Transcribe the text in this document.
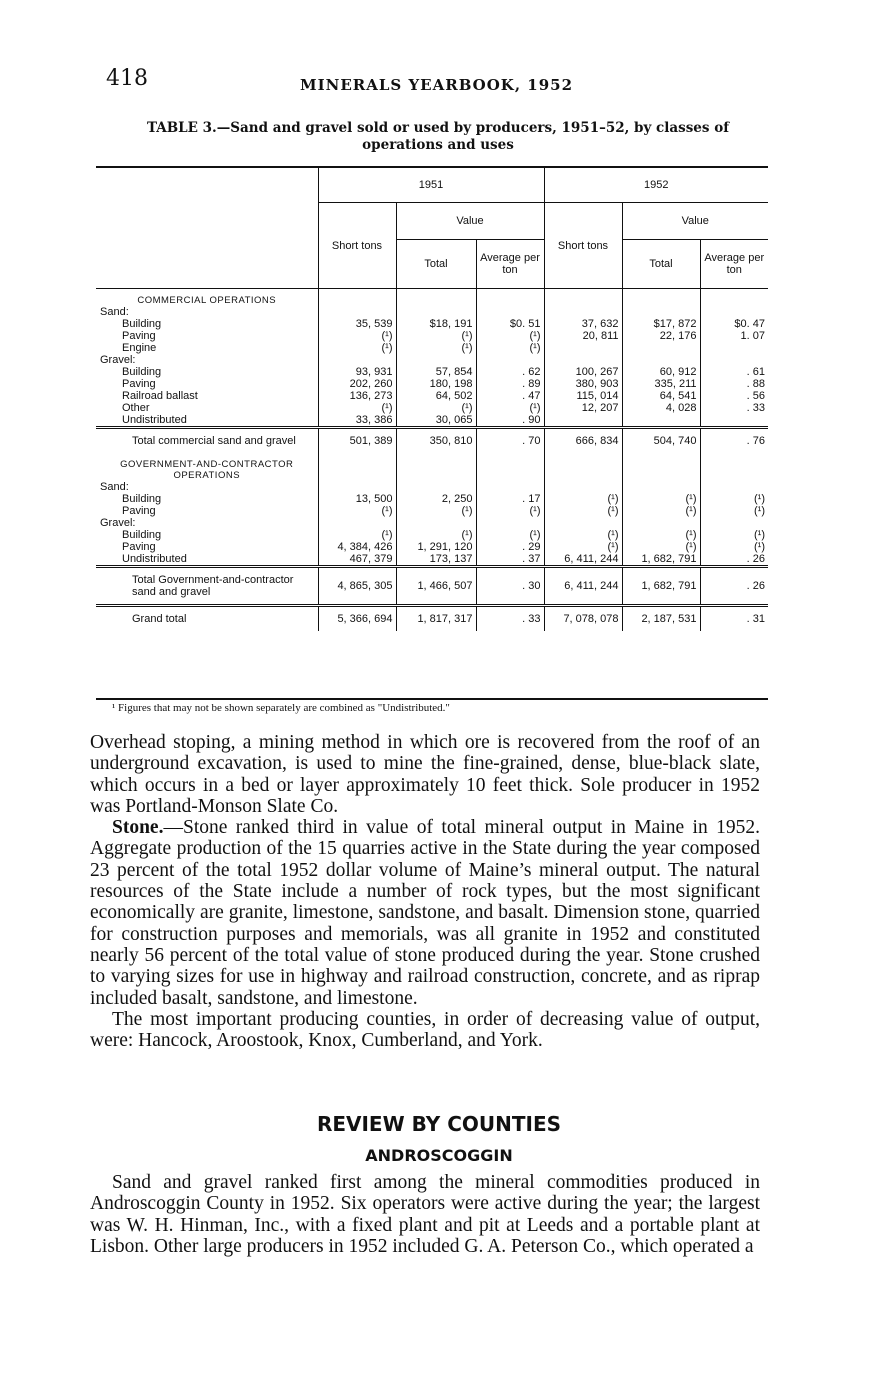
418	MINERALS YEARBOOK, 1952
TABLE 3.—Sand and gravel sold or used by producers, 1951–52, by classes of
operations and uses
	1951			1952		
	Short tons	Value		Short tons	Value	
		Total	Average per ton		Total	Average per ton
COMMERCIAL OPERATIONS						
Sand:						
Building	35, 539	$18, 191	$0. 51	37, 632	$17, 872	$0. 47
Paving	(¹)	(¹)	(¹)	20, 811	22, 176	1. 07
Engine	(¹)	(¹)	(¹)			
Gravel:						
Building	93, 931	57, 854	. 62	100, 267	60, 912	. 61
Paving	202, 260	180, 198	. 89	380, 903	335, 211	. 88
Railroad ballast	136, 273	64, 502	. 47	115, 014	64, 541	. 56
Other	(¹)	(¹)	(¹)	12, 207	4, 028	. 33
Undistributed	33, 386	30, 065	. 90			
Total commercial sand and gravel	501, 389	350, 810	. 70	666, 834	504, 740	. 76
GOVERNMENT-AND-CONTRACTOR OPERATIONS						
Sand:						
Building	13, 500	2, 250	. 17	(¹)	(¹)	(¹)
Paving	(¹)	(¹)	(¹)	(¹)	(¹)	(¹)
Gravel:						
Building	(¹)	(¹)	(¹)	(¹)	(¹)	(¹)
Paving	4, 384, 426	1, 291, 120	. 29	(¹)	(¹)	(¹)
Undistributed	467, 379	173, 137	. 37	6, 411, 244	1, 682, 791	. 26
Total Government-and-contractor sand and gravel	4, 865, 305	1, 466, 507	. 30	6, 411, 244	1, 682, 791	. 26
Grand total	5, 366, 694	1, 817, 317	. 33	7, 078, 078	2, 187, 531	. 31
¹ Figures that may not be shown separately are combined as "Undistributed."

Overhead stoping, a mining method in which ore is recovered from the roof of an underground excavation, is used to mine the fine-grained, dense, blue-black slate, which occurs in a bed or layer approximately 10 feet thick. Sole producer in 1952 was Portland-Monson Slate Co.

Stone.—Stone ranked third in value of total mineral output in Maine in 1952. Aggregate production of the 15 quarries active in the State during the year composed 23 percent of the total 1952 dollar volume of Maine’s mineral output. The natural resources of the State include a number of rock types, but the most significant economically are granite, limestone, sandstone, and basalt. Dimension stone, quarried for construction purposes and memorials, was all granite in 1952 and constituted nearly 56 percent of the total value of stone produced during the year. Stone crushed to varying sizes for use in highway and railroad construction, concrete, and as riprap included basalt, sandstone, and limestone.

The most important producing counties, in order of decreasing value of output, were: Hancock, Aroostook, Knox, Cumberland, and York.

REVIEW BY COUNTIES
ANDROSCOGGIN

Sand and gravel ranked first among the mineral commodities produced in Androscoggin County in 1952. Six operators were active during the year; the largest was W. H. Hinman, Inc., with a fixed plant and pit at Leeds and a portable plant at Lisbon. Other large producers in 1952 included G. A. Peterson Co., which operated a
